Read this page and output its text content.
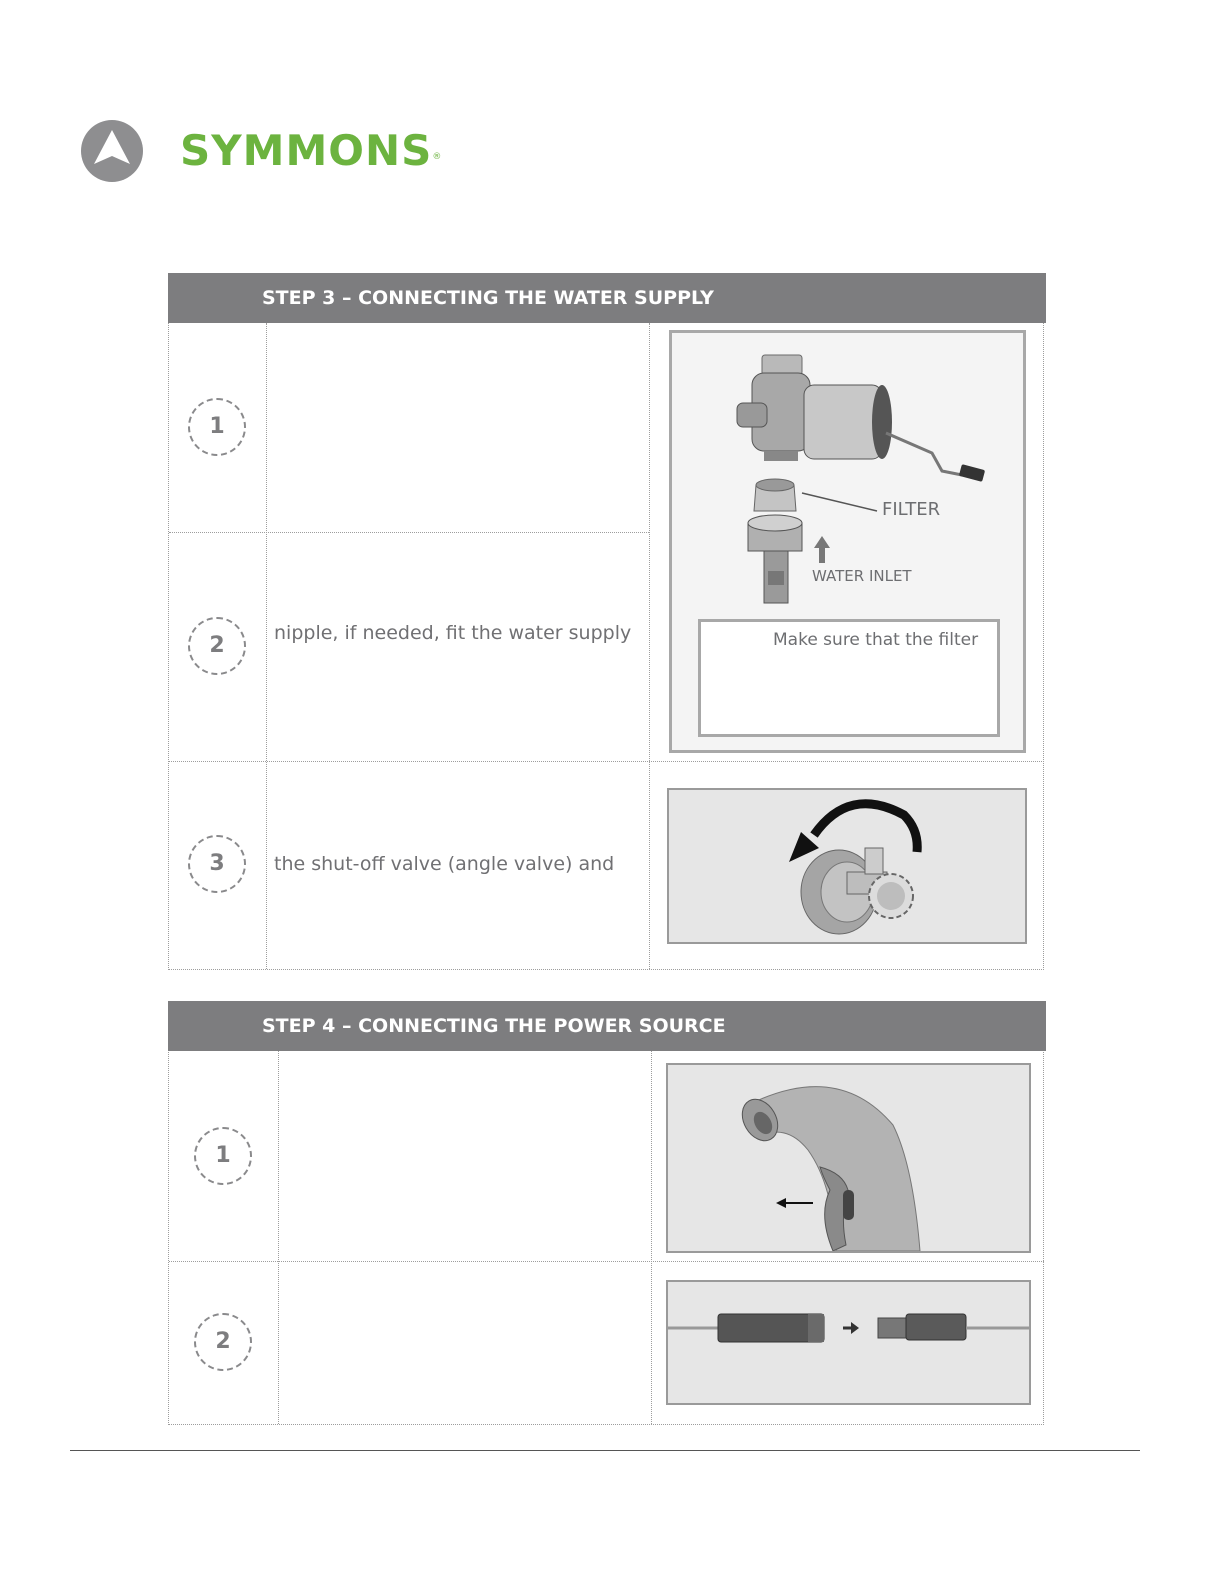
SYMMONS®
STEP 3 – CONNECTING THE WATER SUPPLY
1
2
3
nipple, if needed, fit the water supply
the shut-off valve (angle valve) and
FILTER
WATER INLET
Make sure that the filter
STEP 4 – CONNECTING THE POWER SOURCE
1
2
